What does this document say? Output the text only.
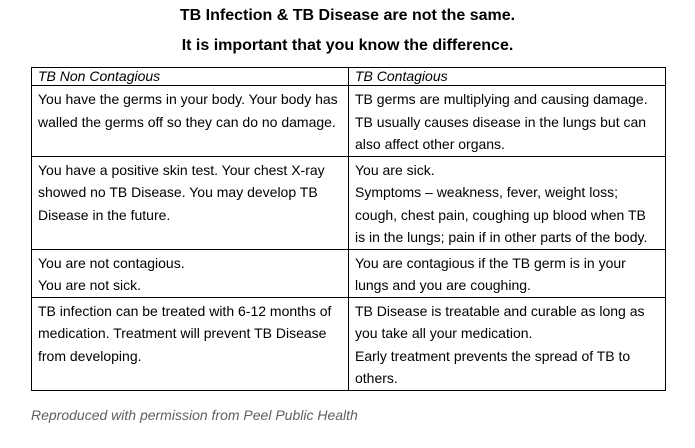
TB Infection & TB Disease are not the same.
It is important that you know the difference.
TB Non Contagious	TB Contagious

You have the germs in your body. Your body has walled the germs off so they can do no damage.	TB germs are multiplying and causing damage. TB usually causes disease in the lungs but can also affect other organs.

You have a positive skin test. Your chest X-ray showed no TB Disease. You may develop TB Disease in the future.	You are sick.
Symptoms – weakness, fever, weight loss; cough, chest pain, coughing up blood when TB is in the lungs; pain if in other parts of the body.

You are not contagious.
You are not sick.	You are contagious if the TB germ is in your lungs and you are coughing.

TB infection can be treated with 6-12 months of medication. Treatment will prevent TB Disease from developing.	TB Disease is treatable and curable as long as you take all your medication.
Early treatment prevents the spread of TB to others.
Reproduced with permission from Peel Public Health
